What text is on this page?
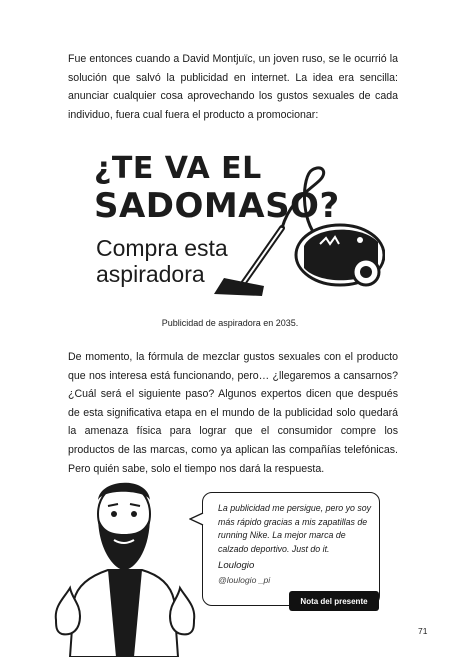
Fue entonces cuando a David Montjuïc, un joven ruso, se le ocurrió la solución que salvó la publicidad en internet. La idea era sencilla: anunciar cualquier cosa aprovechando los gustos sexuales de cada individuo, fuera cual fuera el producto a promocionar:
¿TE VA EL
SADOMASO?
Compra esta
aspiradora
Publicidad de aspiradora en 2035.
De momento, la fórmula de mezclar gustos sexuales con el producto que nos interesa está funcionando, pero… ¿llegaremos a cansarnos? ¿Cuál será el siguiente paso? Algunos expertos dicen que después de esta significativa etapa en el mundo de la publicidad solo quedará la amenaza física para lograr que el consumidor compre los productos de las marcas, como ya aplican las compañías telefónicas. Pero quién sabe, solo el tiempo nos dará la respuesta.
La publicidad me persigue, pero yo soy más rápido gracias a mis zapatillas de running Nike. La mejor marca de calzado deportivo. Just do it.
Loulogio
@loulogio _pi
Nota del presente
71
